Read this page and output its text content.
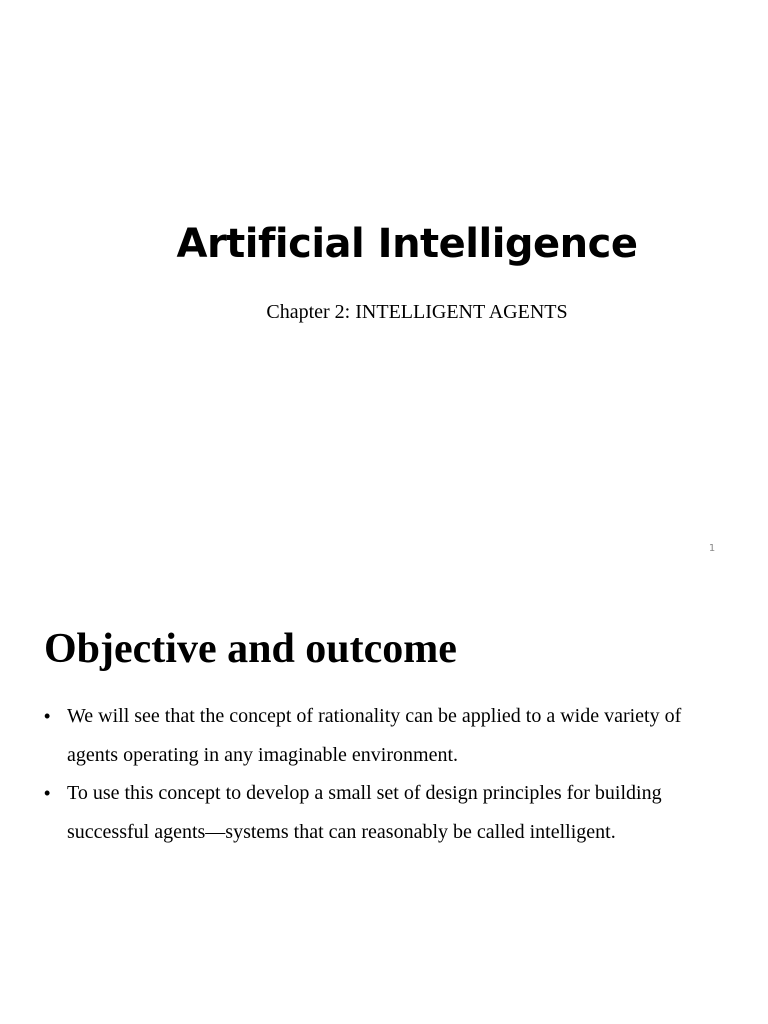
Artificial Intelligence
Chapter 2: INTELLIGENT AGENTS
1
Objective and outcome
• We will see that the concept of rationality can be applied to a wide variety of agents operating in any imaginable environment.
• To use this concept to develop a small set of design principles for building successful agents—systems that can reasonably be called intelligent.
